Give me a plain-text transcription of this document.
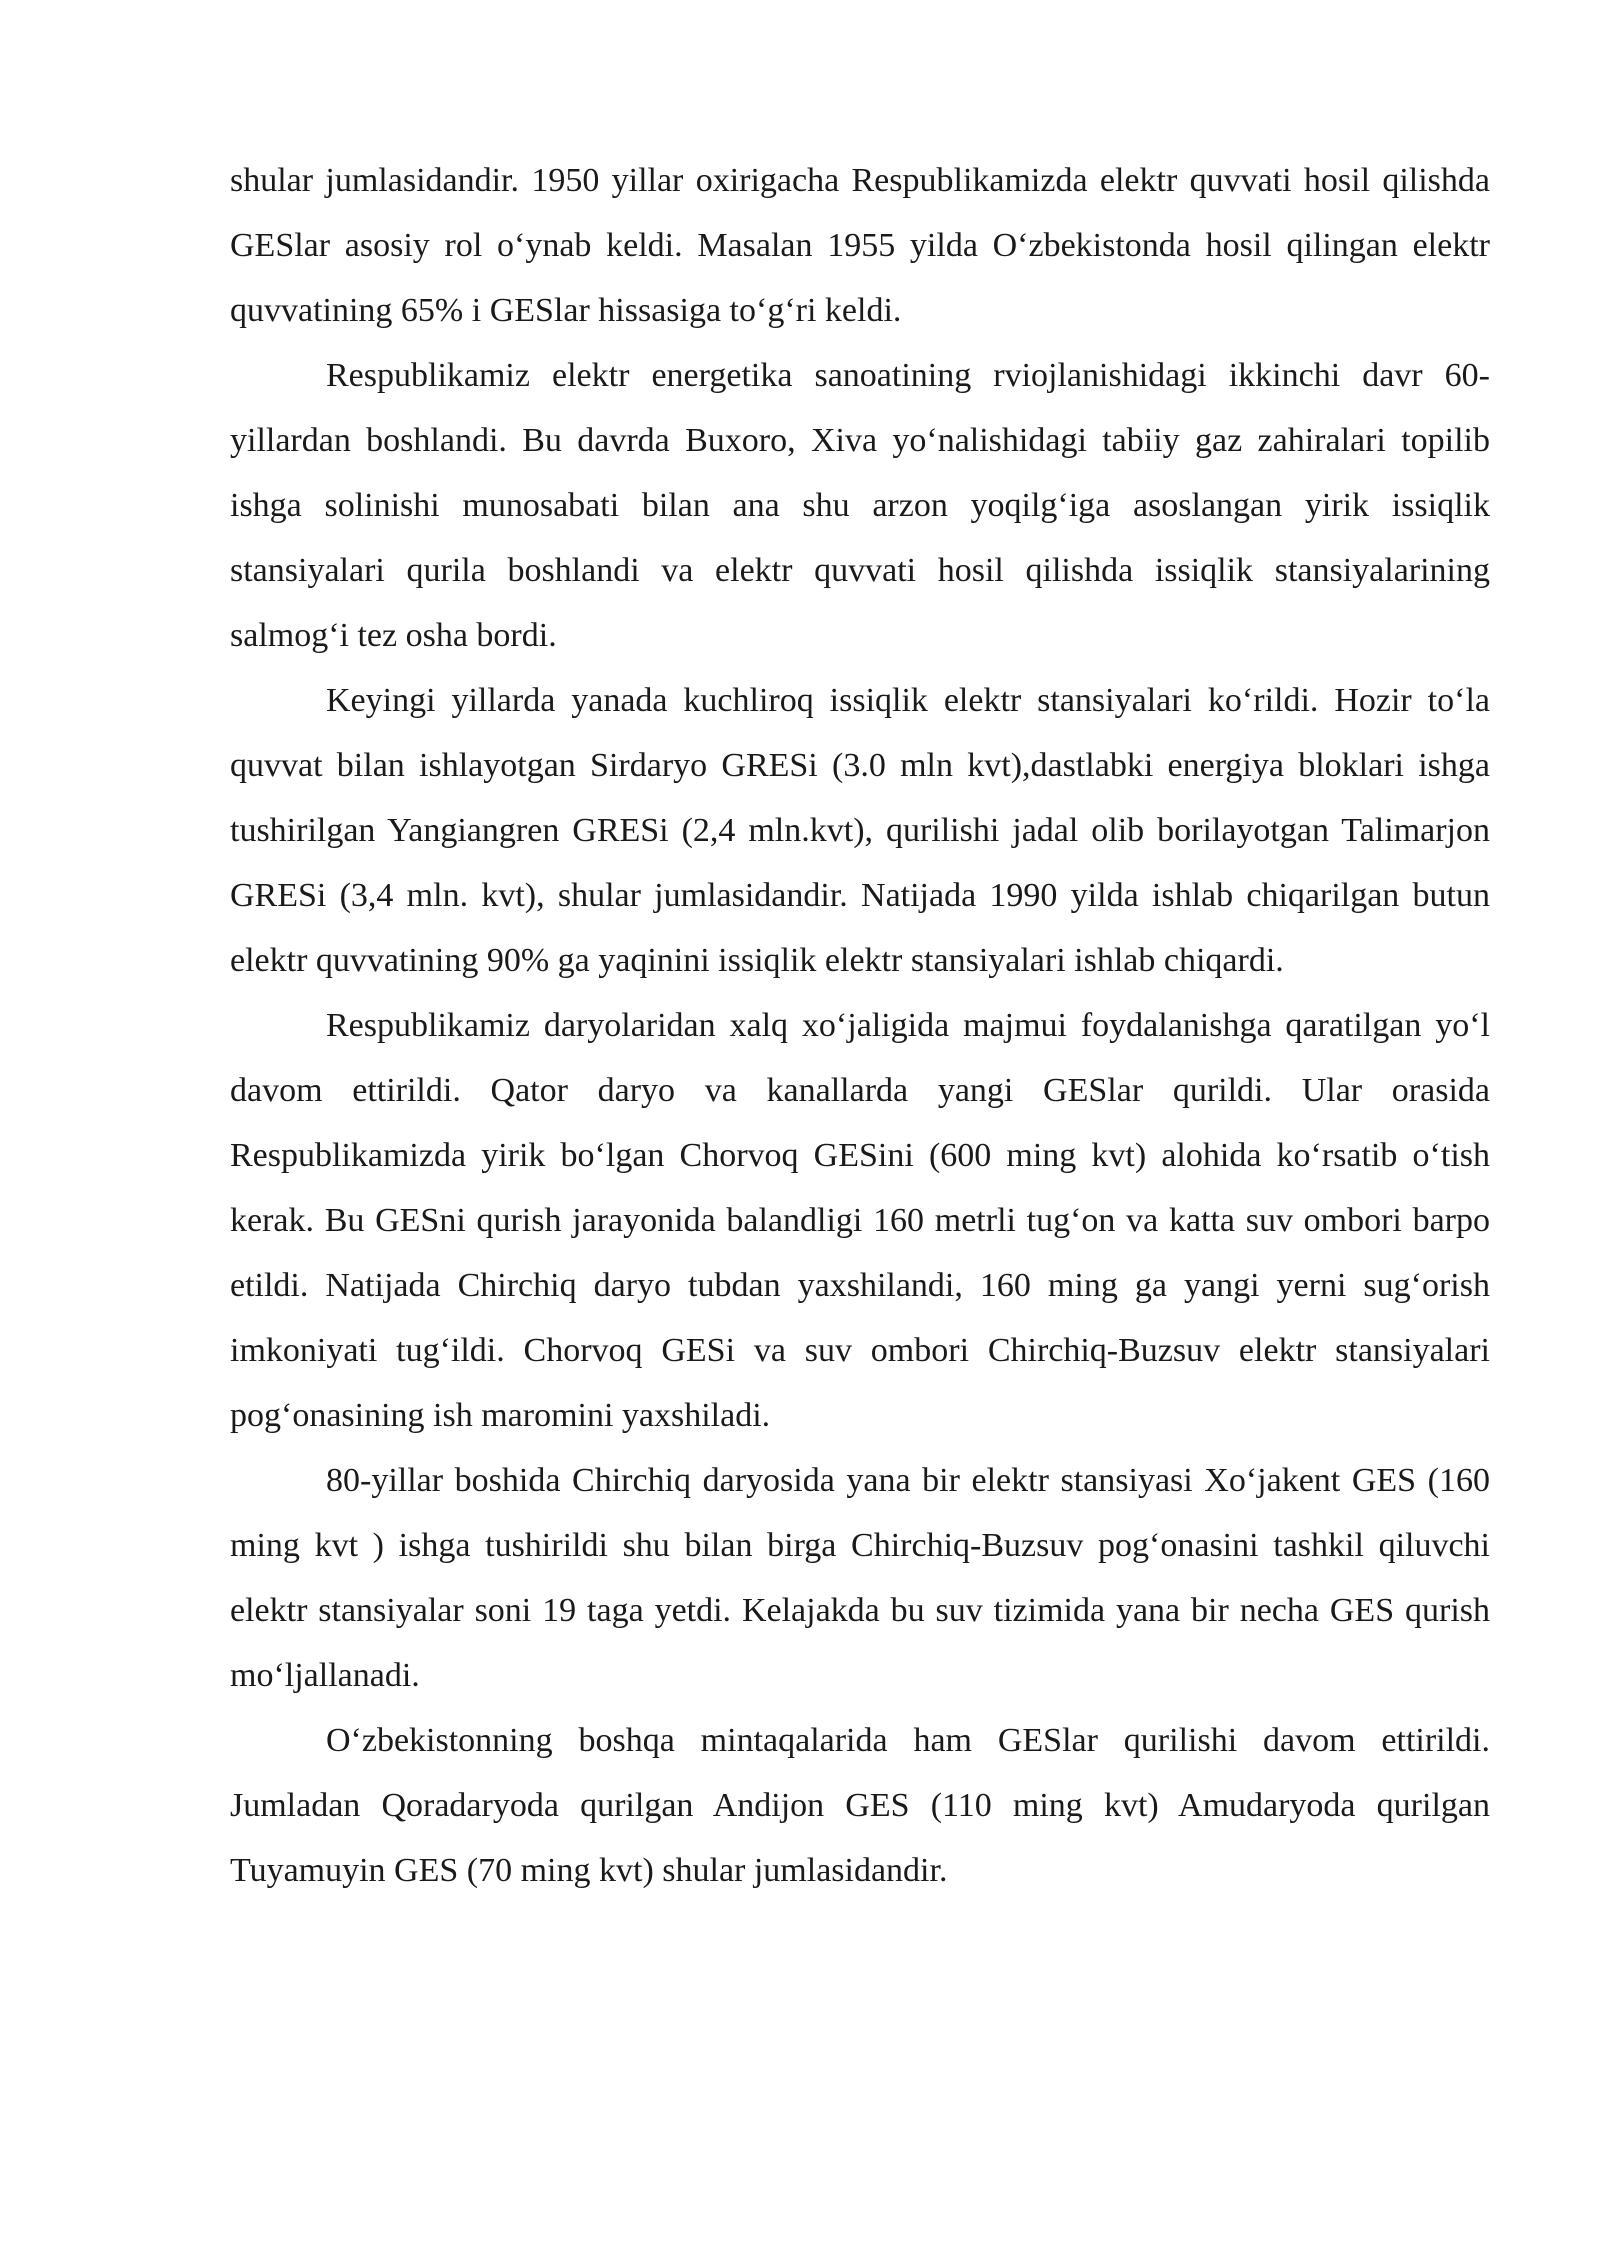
shular jumlasidandir. 1950 yillar oxirigacha Respublikamizda elektr quvvati hosil qilishda GESlar asosiy rol o‘ynab keldi. Masalan 1955 yilda O‘zbekistonda hosil qilingan elektr quvvatining 65% i GESlar hissasiga to‘g‘ri keldi.

Respublikamiz elektr energetika sanoatining rviojlanishidagi ikkinchi davr 60-yillardan boshlandi. Bu davrda Buxoro, Xiva yo‘nalishidagi tabiiy gaz zahiralari topilib ishga solinishi munosabati bilan ana shu arzon yoqilg‘iga asoslangan yirik issiqlik stansiyalari qurila boshlandi va elektr quvvati hosil qilishda issiqlik stansiyalarining salmog‘i tez osha bordi.

Keyingi yillarda yanada kuchliroq issiqlik elektr stansiyalari ko‘rildi. Hozir to‘la quvvat bilan ishlayotgan Sirdaryo GRESi (3.0 mln kvt),dastlabki energiya bloklari ishga tushirilgan Yangiangren GRESi (2,4 mln.kvt), qurilishi jadal olib borilayotgan Talimarjon GRESi (3,4 mln. kvt), shular jumlasidandir. Natijada 1990 yilda ishlab chiqarilgan butun elektr quvvatining 90% ga yaqinini issiqlik elektr stansiyalari ishlab chiqardi.

Respublikamiz daryolaridan xalq xo‘jaligida majmui foydalanishga qaratilgan yo‘l davom ettirildi. Qator daryo va kanallarda yangi GESlar qurildi. Ular orasida Respublikamizda yirik bo‘lgan Chorvoq GESini (600 ming kvt) alohida ko‘rsatib o‘tish kerak. Bu GESni qurish jarayonida balandligi 160 metrli tug‘on va katta suv ombori barpo etildi. Natijada Chirchiq daryo tubdan yaxshilandi, 160 ming ga yangi yerni sug‘orish imkoniyati tug‘ildi. Chorvoq GESi va suv ombori Chirchiq-Buzsuv elektr stansiyalari pog‘onasining ish maromini yaxshiladi.

80-yillar boshida Chirchiq daryosida yana bir elektr stansiyasi Xo‘jakent GES (160 ming kvt ) ishga tushirildi shu bilan birga Chirchiq-Buzsuv pog‘onasini tashkil qiluvchi elektr stansiyalar soni 19 taga yetdi. Kelajakda bu suv tizimida yana bir necha GES qurish mo‘ljallanadi.

O‘zbekistonning boshqa mintaqalarida ham GESlar qurilishi davom ettirildi. Jumladan Qoradaryoda qurilgan Andijon GES (110 ming kvt) Amudaryoda qurilgan Tuyamuyin GES (70 ming kvt) shular jumlasidandir.
